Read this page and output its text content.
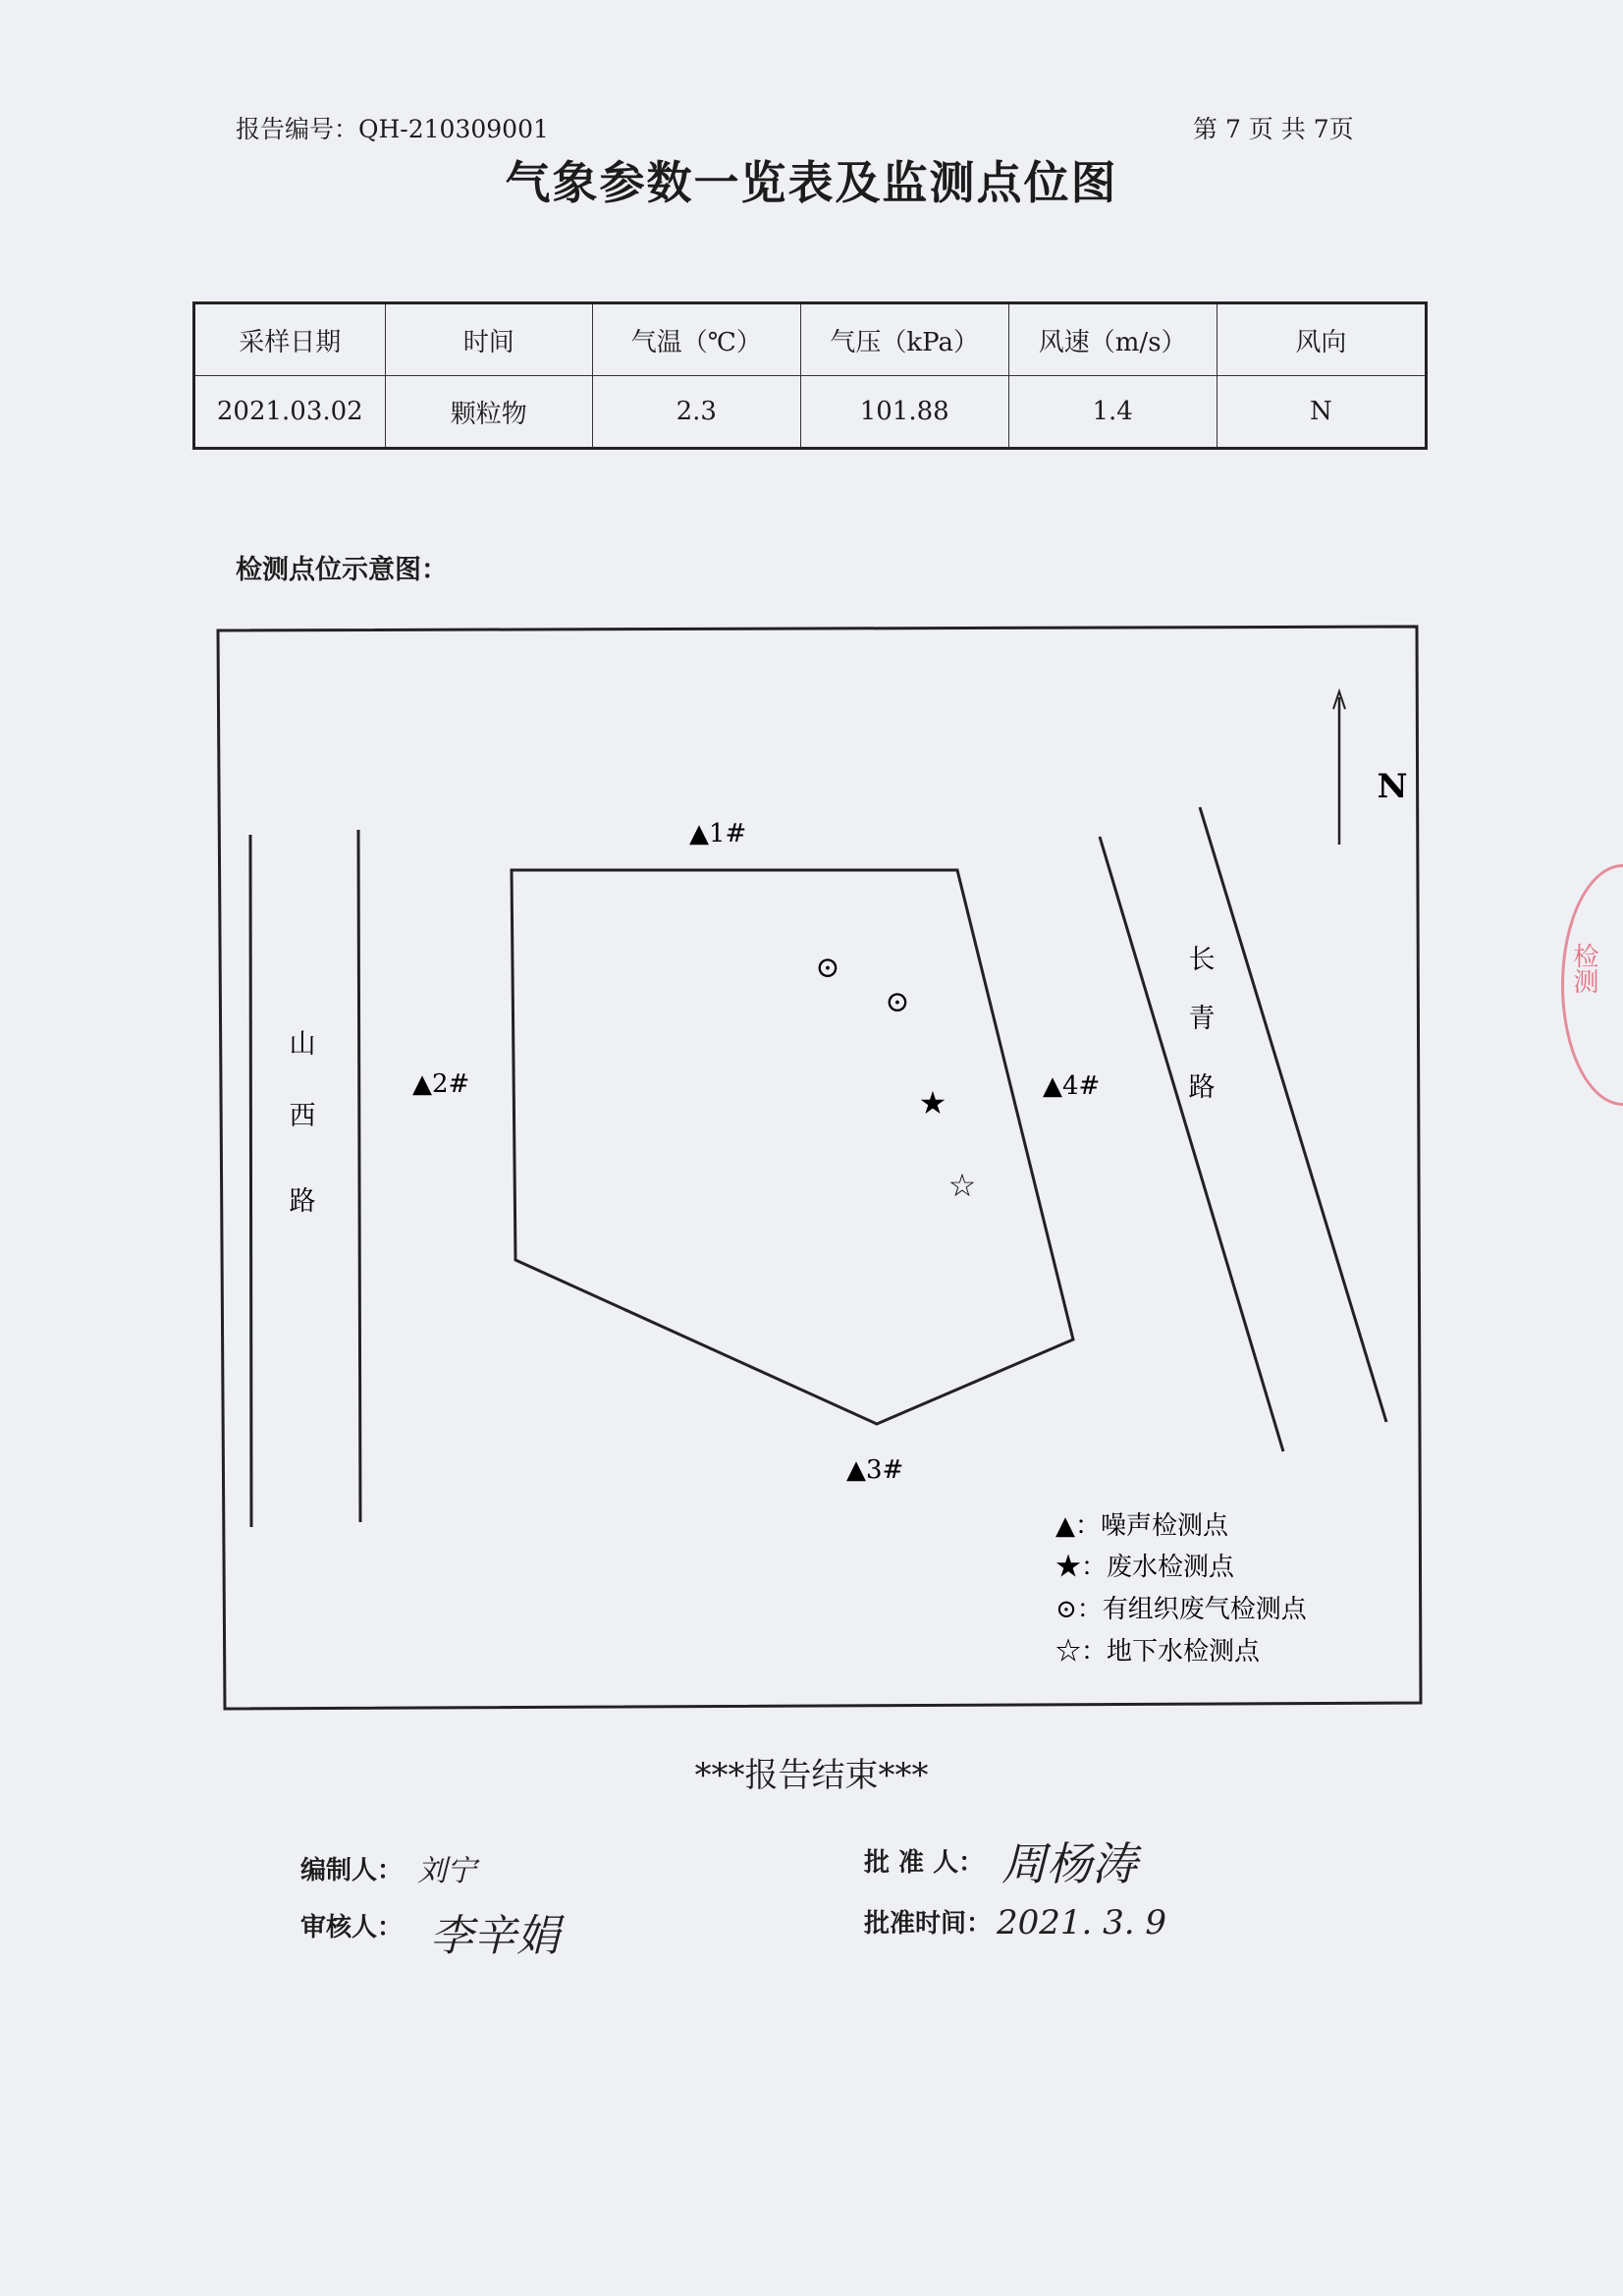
报告编号：QH-210309001	第 7 页 共 7页
气象参数一览表及监测点位图
采样日期	时间	气温（℃）	气压（kPa）	风速（m/s）	风向
2021.03.02	颗粒物	2.3	101.88	1.4	N
检测点位示意图：
山
西
路
长
青
路
N
▲1#
▲2#
▲3#
▲4#
⊙
⊙
★
☆
▲：噪声检测点
★：废水检测点
⊙：有组织废气检测点
☆：地下水检测点
***报告结束***
编制人： 刘宁
审核人： 李辛娟
批 准 人： 周杨涛
批准时间： 2021. 3. 9
检测
